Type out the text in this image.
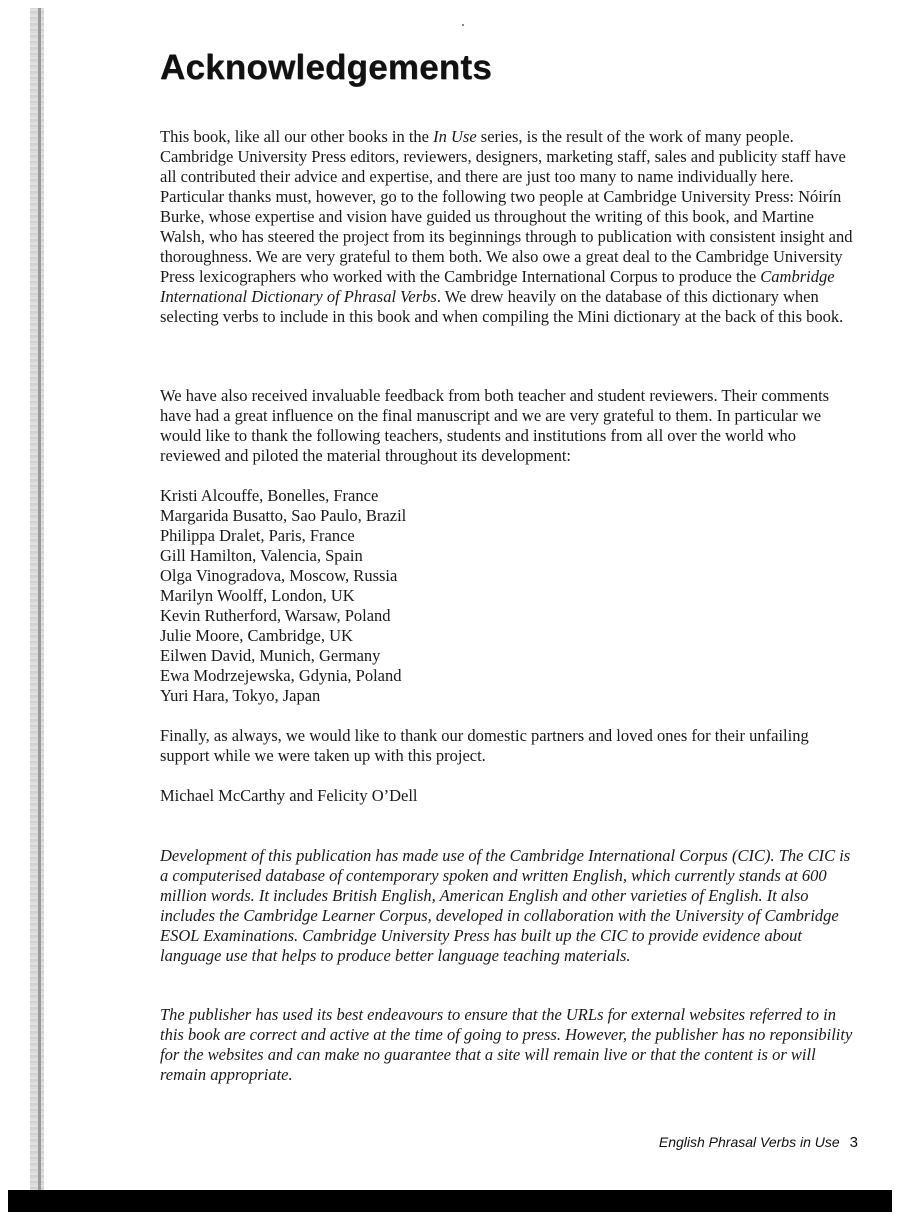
Acknowledgements

This book, like all our other books in the In Use series, is the result of the work of many people. Cambridge University Press editors, reviewers, designers, marketing staff, sales and publicity staff have all contributed their advice and expertise, and there are just too many to name individually here. Particular thanks must, however, go to the following two people at Cambridge University Press: Nóirín Burke, whose expertise and vision have guided us throughout the writing of this book, and Martine Walsh, who has steered the project from its beginnings through to publication with consistent insight and thoroughness. We are very grateful to them both. We also owe a great deal to the Cambridge University Press lexicographers who worked with the Cambridge International Corpus to produce the Cambridge International Dictionary of Phrasal Verbs. We drew heavily on the database of this dictionary when selecting verbs to include in this book and when compiling the Mini dictionary at the back of this book.

We have also received invaluable feedback from both teacher and student reviewers. Their comments have had a great influence on the final manuscript and we are very grateful to them. In particular we would like to thank the following teachers, students and institutions from all over the world who reviewed and piloted the material throughout its development:

Kristi Alcouffe, Bonelles, France
Margarida Busatto, Sao Paulo, Brazil
Philippa Dralet, Paris, France
Gill Hamilton, Valencia, Spain
Olga Vinogradova, Moscow, Russia
Marilyn Woolff, London, UK
Kevin Rutherford, Warsaw, Poland
Julie Moore, Cambridge, UK
Eilwen David, Munich, Germany
Ewa Modrzejewska, Gdynia, Poland
Yuri Hara, Tokyo, Japan

Finally, as always, we would like to thank our domestic partners and loved ones for their unfailing support while we were taken up with this project.

Michael McCarthy and Felicity O’Dell

Development of this publication has made use of the Cambridge International Corpus (CIC). The CIC is a computerised database of contemporary spoken and written English, which currently stands at 600 million words. It includes British English, American English and other varieties of English. It also includes the Cambridge Learner Corpus, developed in collaboration with the University of Cambridge ESOL Examinations. Cambridge University Press has built up the CIC to provide evidence about language use that helps to produce better language teaching materials.

The publisher has used its best endeavours to ensure that the URLs for external websites referred to in this book are correct and active at the time of going to press. However, the publisher has no reponsibility for the websites and can make no guarantee that a site will remain live or that the content is or will remain appropriate.

English Phrasal Verbs in Use 3
